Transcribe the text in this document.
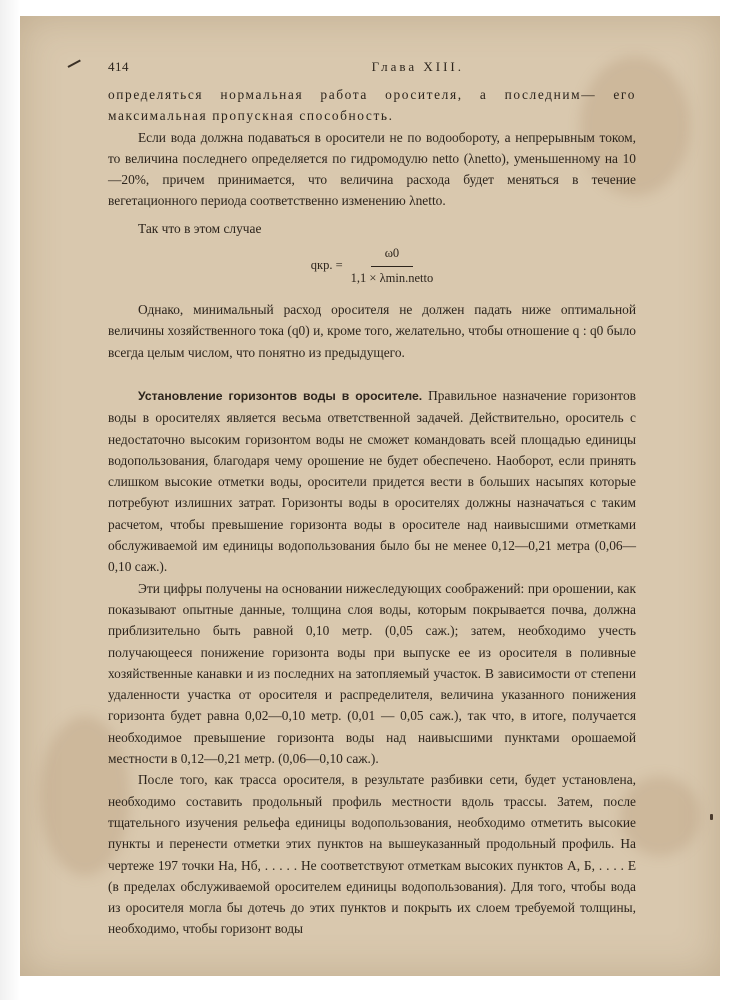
414	Глава XIII.

определяться нормальная работа оросителя, а последним— его максимальная пропускная способность.

Если вода должна подаваться в оросители не по водообороту, а непрерывным током, то величина последнего определяется по гидромодулю netto (λnetto), уменьшенному на 10—20%, причем принимается, что величина расхода будет меняться в течение вегетационного периода соответственно изменению λnetto.

Так что в этом случае

qкр. = $\frac{\omega 0}{\text{1,1 × λmin.netto}}$

Однако, минимальный расход оросителя не должен падать ниже оптимальной величины хозяйственного тока (q0) и, кроме того, желательно, чтобы отношение q : q0 было всегда целым числом, что понятно из предыдущего.

Установление горизонтов воды в оросителе. Правильное назначение горизонтов воды в оросителях является весьма ответственной задачей. Действительно, ороситель с недостаточно высоким горизонтом воды не сможет командовать всей площадью единицы водопользования, благодаря чему орошение не будет обеспечено. Наоборот, если принять слишком высокие отметки воды, оросители придется вести в больших насыпях которые потребуют излишних затрат. Горизонты воды в оросителях должны назначаться с таким расчетом, чтобы превышение горизонта воды в оросителе над наивысшими отметками обслуживаемой им единицы водопользования было бы не менее 0,12—0,21 метра (0,06—0,10 саж.).

Эти цифры получены на основании нижеследующих соображений: при орошении, как показывают опытные данные, толщина слоя воды, которым покрывается почва, должна приблизительно быть равной 0,10 метр. (0,05 саж.); затем, необходимо учесть получающееся понижение горизонта воды при выпуске ее из оросителя в поливные хозяйственные канавки и из последних на затопляемый участок. В зависимости от степени удаленности участка от оросителя и распределителя, величина указанного понижения горизонта будет равна 0,02—0,10 метр. (0,01 — 0,05 саж.), так что, в итоге, получается необходимое превышение горизонта воды над наивысшими пунктами орошаемой местности в 0,12—0,21 метр. (0,06—0,10 саж.).

После того, как трасса оросителя, в результате разбивки сети, будет установлена, необходимо составить продольный профиль местности вдоль трассы. Затем, после тщательного изучения рельефа единицы водопользования, необходимо отметить высокие пункты и перенести отметки этих пунктов на вышеуказанный продольный профиль. На чертеже 197 точки Hа, Hб, . . . . . Hе соответствуют отметкам высоких пунктов А, Б, . . . . Е (в пределах обслуживаемой оросителем единицы водопользования). Для того, чтобы вода из оросителя могла бы дотечь до этих пунктов и покрыть их слоем требуемой толщины, необходимо, чтобы горизонт воды
